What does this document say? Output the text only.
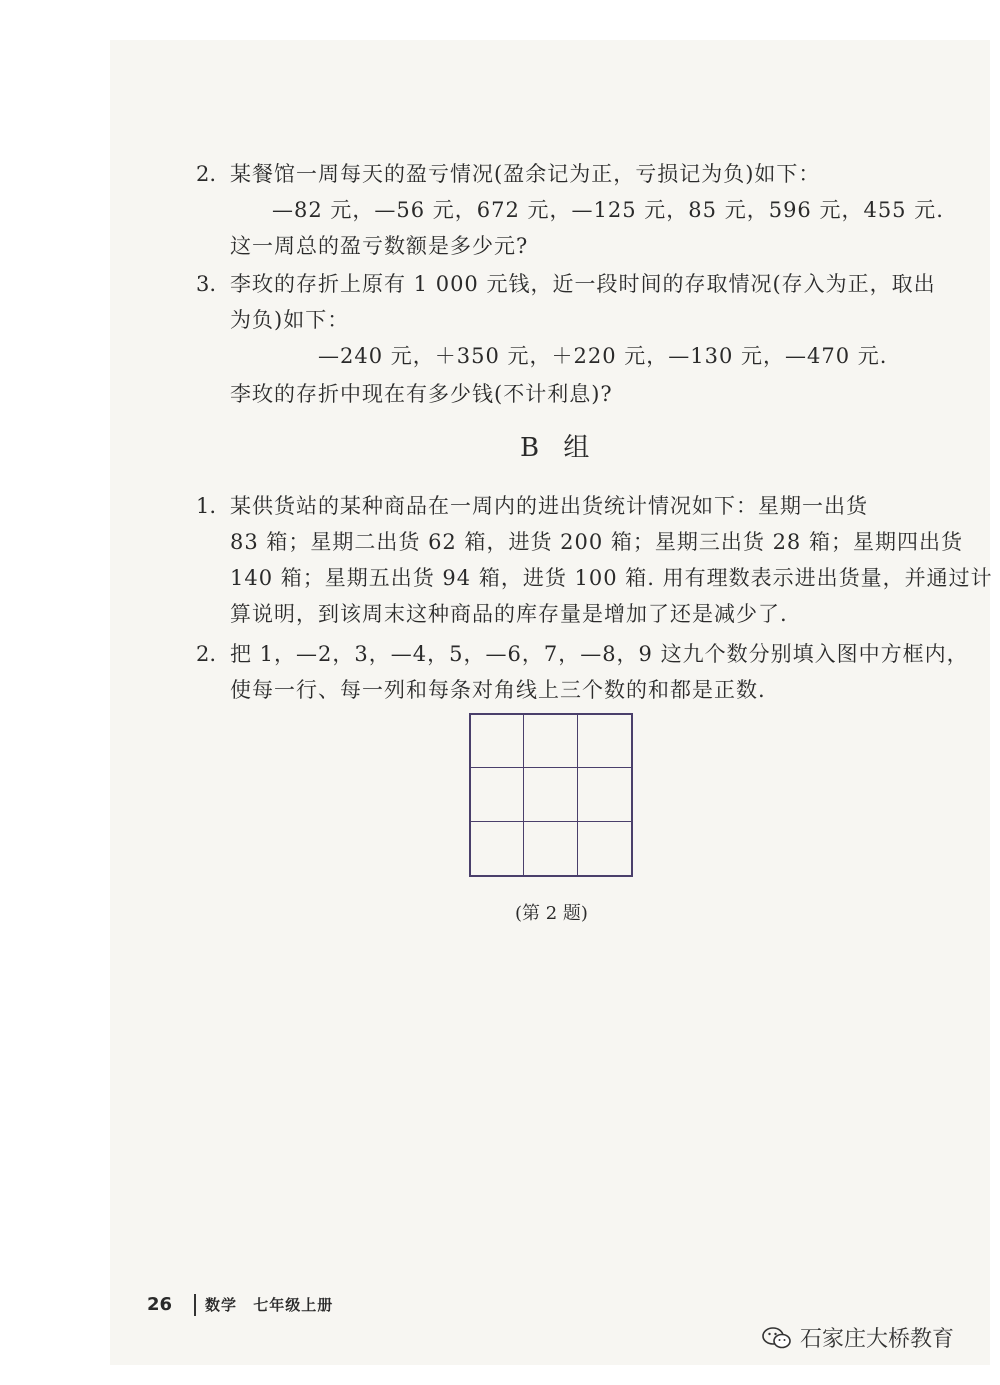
2. 某餐馆一周每天的盈亏情况(盈余记为正，亏损记为负)如下：
—82 元，—56 元，672 元，—125 元，85 元，596 元，455 元.
这一周总的盈亏数额是多少元?
3. 李玫的存折上原有 1 000 元钱，近一段时间的存取情况(存入为正，取出
为负)如下：
—240 元，＋350 元，＋220 元，—130 元，—470 元.
李玫的存折中现在有多少钱(不计利息)?
B 组
1. 某供货站的某种商品在一周内的进出货统计情况如下：星期一出货
83 箱；星期二出货 62 箱，进货 200 箱；星期三出货 28 箱；星期四出货
140 箱；星期五出货 94 箱，进货 100 箱. 用有理数表示进出货量，并通过计
算说明，到该周末这种商品的库存量是增加了还是减少了.
2. 把 1，—2，3，—4，5，—6，7，—8，9 这九个数分别填入图中方框内，
使每一行、每一列和每条对角线上三个数的和都是正数.
(第 2 题)
26 数学 七年级上册
石家庄大桥教育
